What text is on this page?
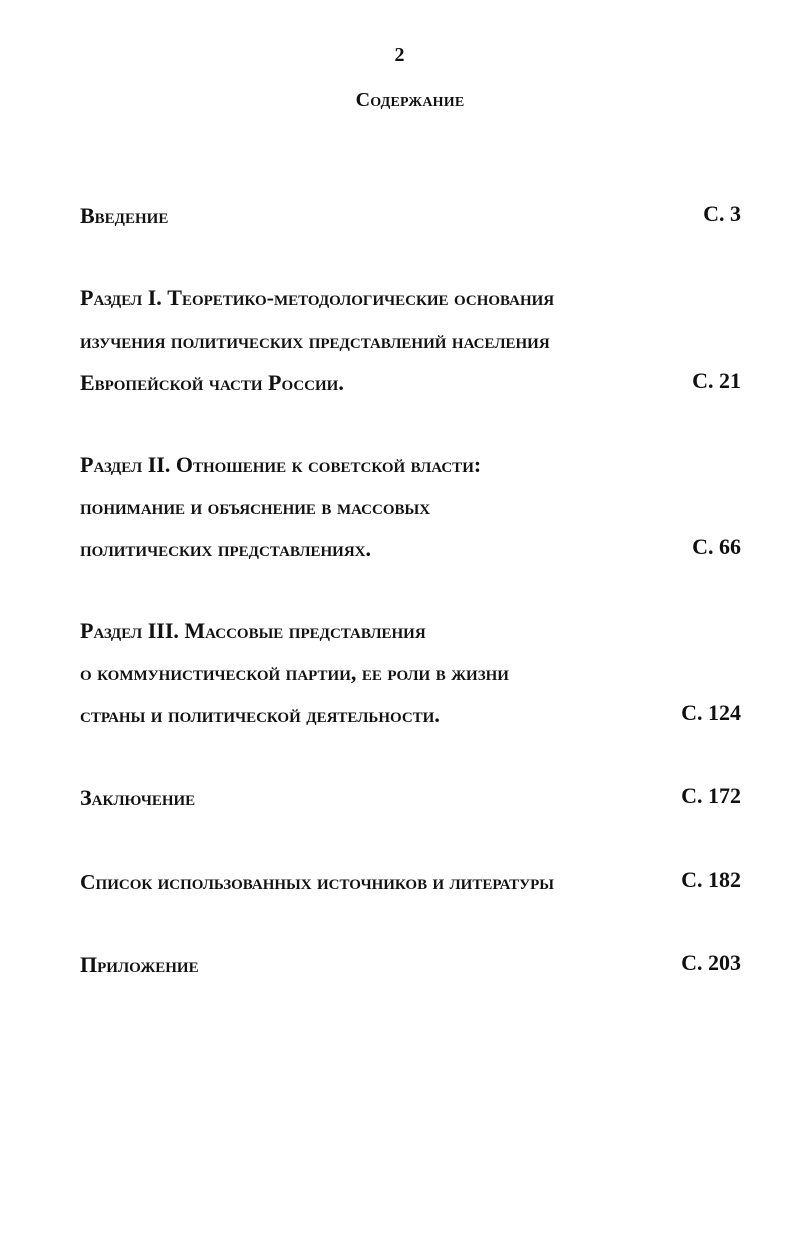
2
Содержание
Введение	С. 3
Раздел I. Теоретико-методологические основания
изучения политических представлений населения
Европейской части России.	С. 21
Раздел II. Отношение к советской власти:
понимание и объяснение в массовых
политических представлениях.	С. 66
Раздел III. Массовые представления
о коммунистической партии, ее роли в жизни
страны и политической деятельности.	С. 124
Заключение	С. 172
Список использованных источников и литературы	С. 182
Приложение	С. 203
